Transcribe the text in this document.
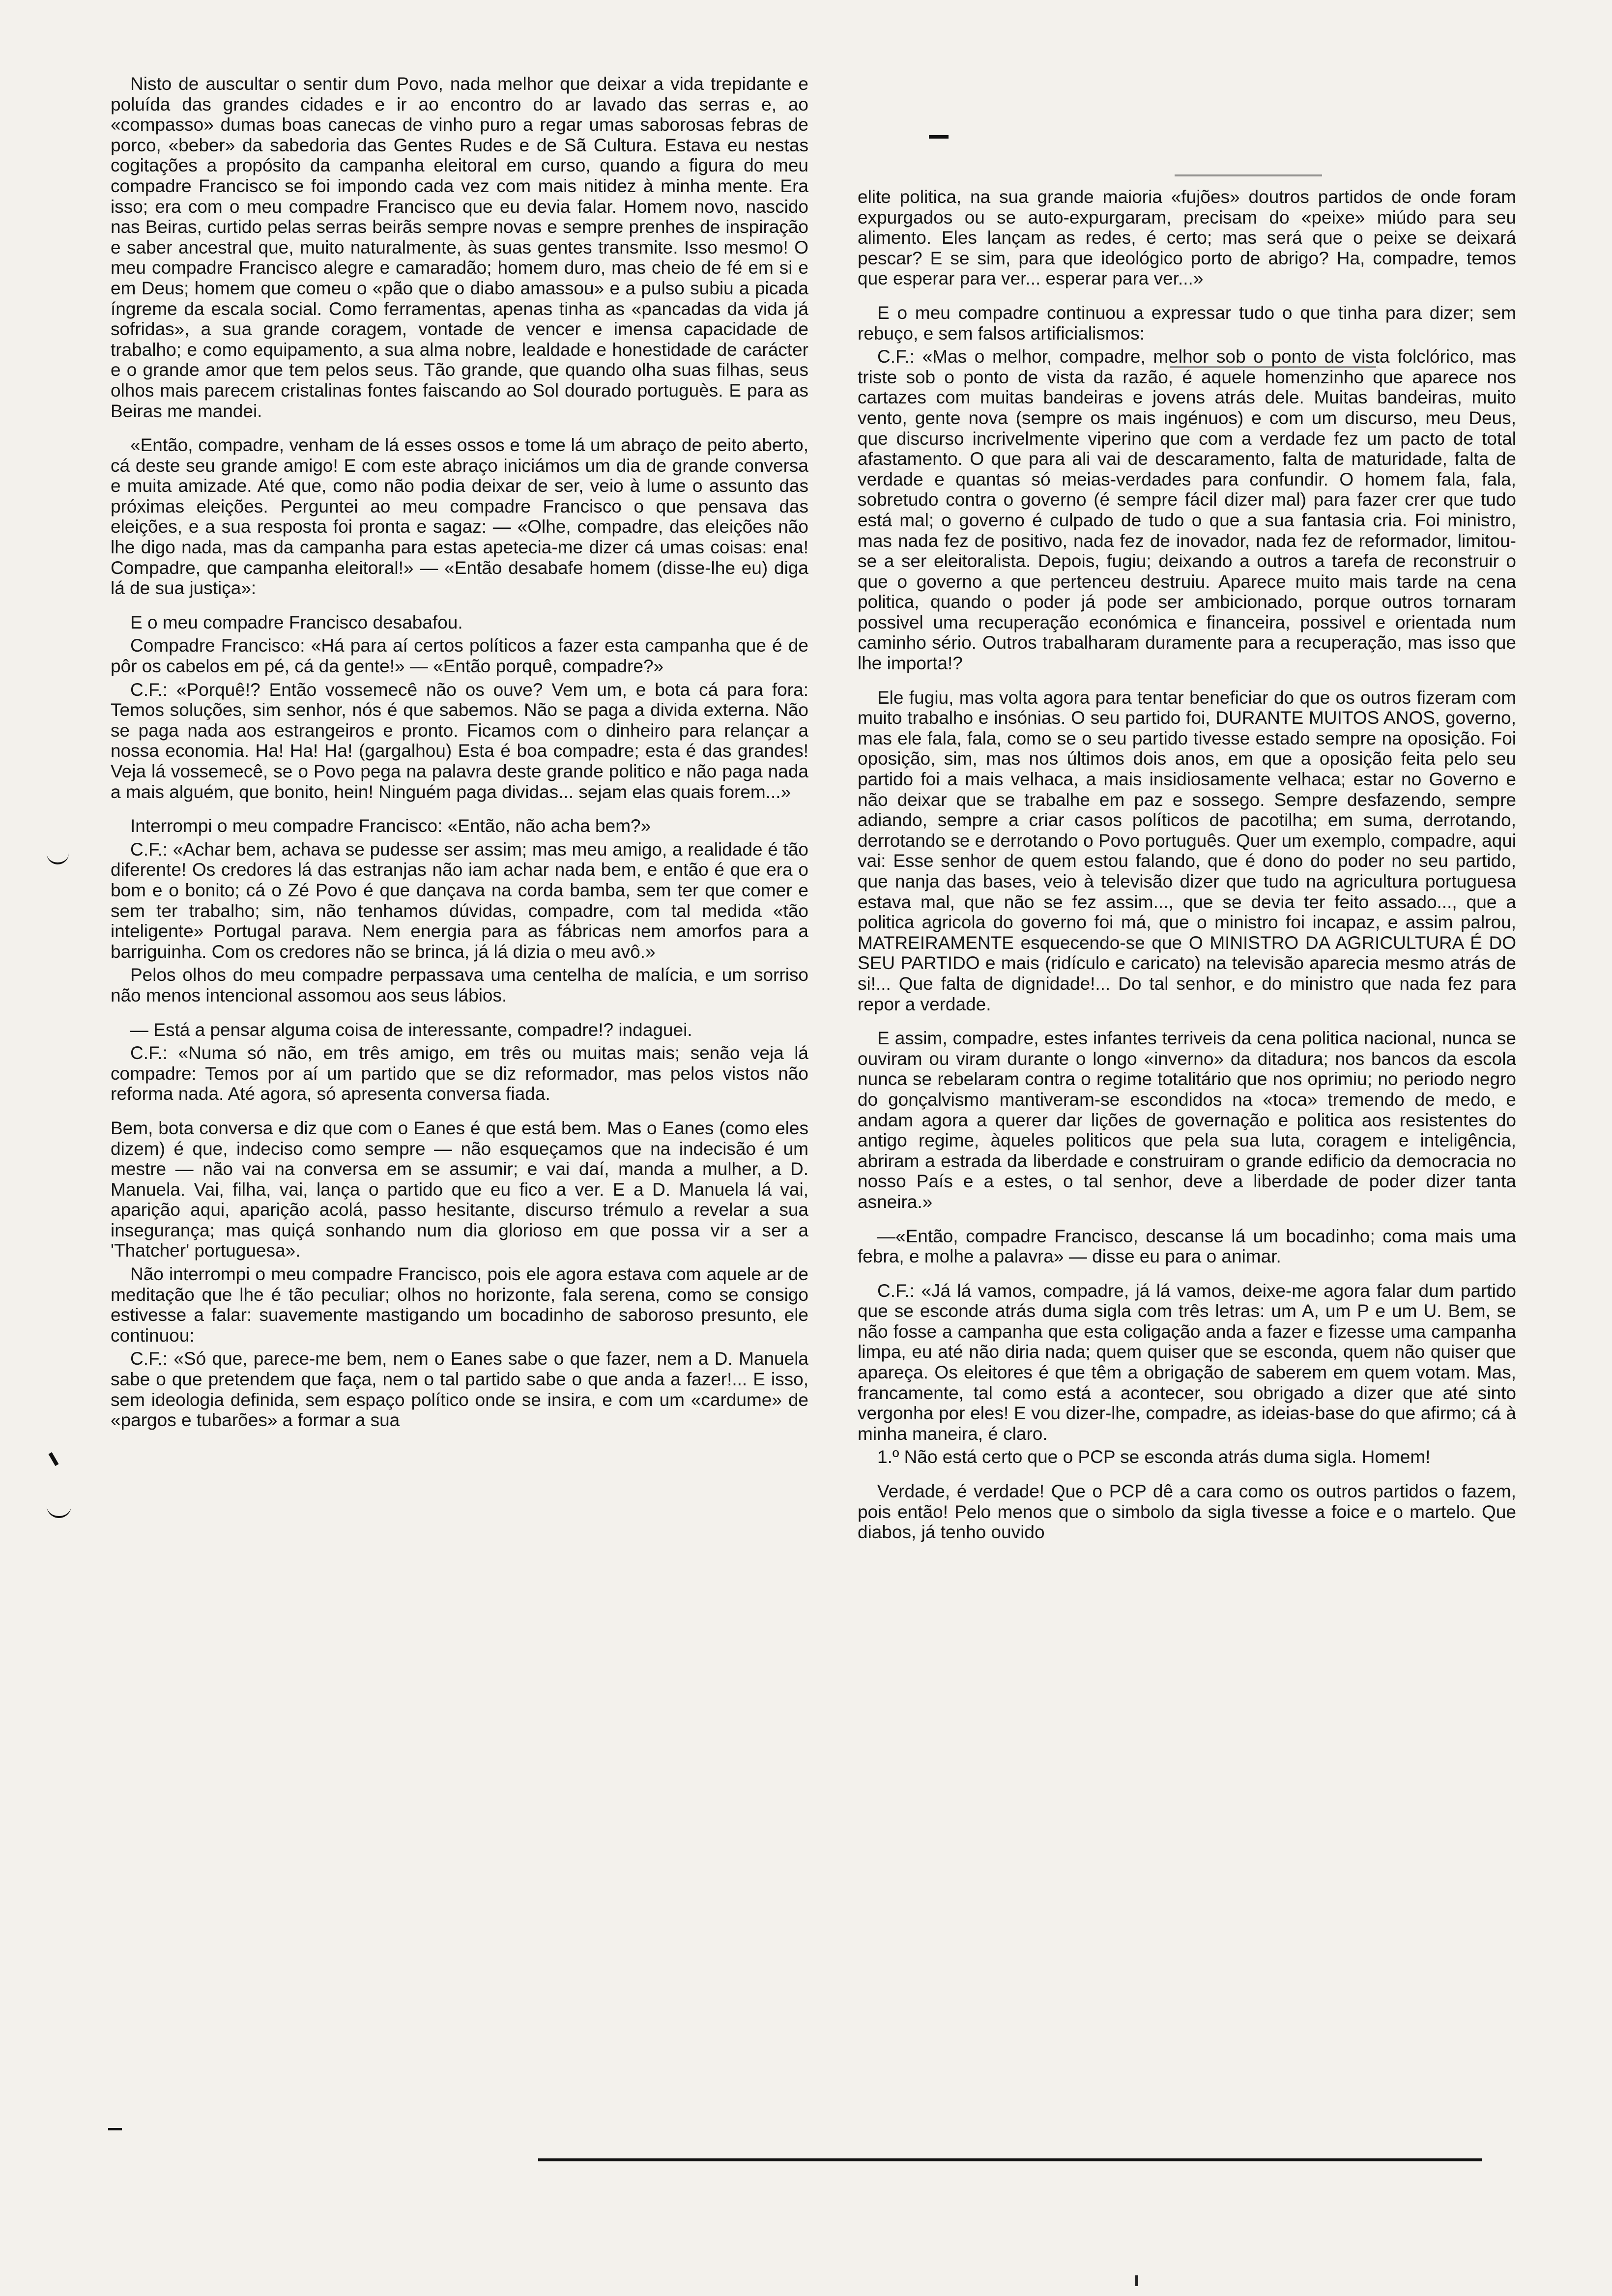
Nisto de auscultar o sentir dum Povo, nada melhor que deixar a vida trepidante e poluída das grandes cidades e ir ao encontro do ar lavado das serras e, ao «compasso» dumas boas canecas de vinho puro a regar umas saborosas febras de porco, «beber» da sabedoria das Gentes Rudes e de Sã Cultura. Estava eu nestas cogitações a propósito da campanha eleitoral em curso, quando a figura do meu compadre Francisco se foi impondo cada vez com mais nitidez à minha mente. Era isso; era com o meu compadre Francisco que eu devia falar. Homem novo, nascido nas Beiras, curtido pelas serras beirãs sempre novas e sempre prenhes de inspiração e saber ancestral que, muito naturalmente, às suas gentes transmite. Isso mesmo! O meu compadre Francisco alegre e camaradão; homem duro, mas cheio de fé em si e em Deus; homem que comeu o «pão que o diabo amassou» e a pulso subiu a picada íngreme da escala social. Como ferramentas, apenas tinha as «pancadas da vida já sofridas», a sua grande coragem, vontade de vencer e imensa capacidade de trabalho; e como equipamento, a sua alma nobre, lealdade e honestidade de carácter e o grande amor que tem pelos seus. Tão grande, que quando olha suas filhas, seus olhos mais parecem cristalinas fontes faiscando ao Sol dourado portuguès. E para as Beiras me mandei.

«Então, compadre, venham de lá esses ossos e tome lá um abraço de peito aberto, cá deste seu grande amigo! E com este abraço iniciámos um dia de grande conversa e muita amizade. Até que, como não podia deixar de ser, veio à lume o assunto das próximas eleições. Perguntei ao meu compadre Francisco o que pensava das eleições, e a sua resposta foi pronta e sagaz: — «Olhe, compadre, das eleições não lhe digo nada, mas da campanha para estas apetecia-me dizer cá umas coisas: ena! Compadre, que campanha eleitoral!» — «Então desabafe homem (disse-lhe eu) diga lá de sua justiça»:

E o meu compadre Francisco desabafou.

Compadre Francisco: «Há para aí certos políticos a fazer esta campanha que é de pôr os cabelos em pé, cá da gente!» — «Então porquê, compadre?»

C.F.: «Porquê!? Então vossemecê não os ouve? Vem um, e bota cá para fora: Temos soluções, sim senhor, nós é que sabemos. Não se paga a divida externa. Não se paga nada aos estrangeiros e pronto. Ficamos com o dinheiro para relançar a nossa economia. Ha! Ha! Ha! (gargalhou) Esta é boa compadre; esta é das grandes! Veja lá vossemecê, se o Povo pega na palavra deste grande politico e não paga nada a mais alguém, que bonito, hein! Ninguém paga dividas... sejam elas quais forem...»

Interrompi o meu compadre Francisco: «Então, não acha bem?»

C.F.: «Achar bem, achava se pudesse ser assim; mas meu amigo, a realidade é tão diferente! Os credores lá das estranjas não iam achar nada bem, e então é que era o bom e o bonito; cá o Zé Povo é que dançava na corda bamba, sem ter que comer e sem ter trabalho; sim, não tenhamos dúvidas, compadre, com tal medida «tão inteligente» Portugal parava. Nem energia para as fábricas nem amorfos para a barriguinha. Com os credores não se brinca, já lá dizia o meu avô.»

Pelos olhos do meu compadre perpassava uma centelha de malícia, e um sorriso não menos intencional assomou aos seus lábios.

— Está a pensar alguma coisa de interessante, compadre!? indaguei.

C.F.: «Numa só não, em três amigo, em três ou muitas mais; senão veja lá compadre: Temos por aí um partido que se diz reformador, mas pelos vistos não reforma nada. Até agora, só apresenta conversa fiada.

Bem, bota conversa e diz que com o Eanes é que está bem. Mas o Eanes (como eles dizem) é que, indeciso como sempre — não esqueçamos que na indecisão é um mestre — não vai na conversa em se assumir; e vai daí, manda a mulher, a D. Manuela. Vai, filha, vai, lança o partido que eu fico a ver. E a D. Manuela lá vai, aparição aqui, aparição acolá, passo hesitante, discurso trémulo a revelar a sua insegurança; mas quiçá sonhando num dia glorioso em que possa vir a ser a 'Thatcher' portuguesa».

Não interrompi o meu compadre Francisco, pois ele agora estava com aquele ar de meditação que lhe é tão peculiar; olhos no horizonte, fala serena, como se consigo estivesse a falar: suavemente mastigando um bocadinho de saboroso presunto, ele continuou:

C.F.: «Só que, parece-me bem, nem o Eanes sabe o que fazer, nem a D. Manuela sabe o que pretendem que faça, nem o tal partido sabe o que anda a fazer!... E isso, sem ideologia definida, sem espaço político onde se insira, e com um «cardume» de «pargos e tubarões» a formar a sua

elite politica, na sua grande maioria «fujões» doutros partidos de onde foram expurgados ou se auto-expurgaram, precisam do «peixe» miúdo para seu alimento. Eles lançam as redes, é certo; mas será que o peixe se deixará pescar? E se sim, para que ideológico porto de abrigo? Ha, compadre, temos que esperar para ver... esperar para ver...»

E o meu compadre continuou a expressar tudo o que tinha para dizer; sem rebuço, e sem falsos artificialismos:

C.F.: «Mas o melhor, compadre, melhor sob o ponto de vista folclórico, mas triste sob o ponto de vista da razão, é aquele homenzinho que aparece nos cartazes com muitas bandeiras e jovens atrás dele. Muitas bandeiras, muito vento, gente nova (sempre os mais ingénuos) e com um discurso, meu Deus, que discurso incrivelmente viperino que com a verdade fez um pacto de total afastamento. O que para ali vai de descaramento, falta de maturidade, falta de verdade e quantas só meias-verdades para confundir. O homem fala, fala, sobretudo contra o governo (é sempre fácil dizer mal) para fazer crer que tudo está mal; o governo é culpado de tudo o que a sua fantasia cria. Foi ministro, mas nada fez de positivo, nada fez de inovador, nada fez de reformador, limitou-se a ser eleitoralista. Depois, fugiu; deixando a outros a tarefa de reconstruir o que o governo a que pertenceu destruiu. Aparece muito mais tarde na cena politica, quando o poder já pode ser ambicionado, porque outros tornaram possivel uma recuperação económica e financeira, possivel e orientada num caminho sério. Outros trabalharam duramente para a recuperação, mas isso que lhe importa!?

Ele fugiu, mas volta agora para tentar beneficiar do que os outros fizeram com muito trabalho e insónias. O seu partido foi, DURANTE MUITOS ANOS, governo, mas ele fala, fala, como se o seu partido tivesse estado sempre na oposição. Foi oposição, sim, mas nos últimos dois anos, em que a oposição feita pelo seu partido foi a mais velhaca, a mais insidiosamente velhaca; estar no Governo e não deixar que se trabalhe em paz e sossego. Sempre desfazendo, sempre adiando, sempre a criar casos políticos de pacotilha; em suma, derrotando, derrotando se e derrotando o Povo português. Quer um exemplo, compadre, aqui vai: Esse senhor de quem estou falando, que é dono do poder no seu partido, que nanja das bases, veio à televisão dizer que tudo na agricultura portuguesa estava mal, que não se fez assim..., que se devia ter feito assado..., que a politica agricola do governo foi má, que o ministro foi incapaz, e assim palrou, MATREIRAMENTE esquecendo-se que O MINISTRO DA AGRICULTURA É DO SEU PARTIDO e mais (ridículo e caricato) na televisão aparecia mesmo atrás de si!... Que falta de dignidade!... Do tal senhor, e do ministro que nada fez para repor a verdade.

E assim, compadre, estes infantes terriveis da cena politica nacional, nunca se ouviram ou viram durante o longo «inverno» da ditadura; nos bancos da escola nunca se rebelaram contra o regime totalitário que nos oprimiu; no periodo negro do gonçalvismo mantiveram-se escondidos na «toca» tremendo de medo, e andam agora a querer dar lições de governação e politica aos resistentes do antigo regime, àqueles politicos que pela sua luta, coragem e inteligência, abriram a estrada da liberdade e construiram o grande edificio da democracia no nosso País e a estes, o tal senhor, deve a liberdade de poder dizer tanta asneira.»

—«Então, compadre Francisco, descanse lá um bocadinho; coma mais uma febra, e molhe a palavra» — disse eu para o animar.

C.F.: «Já lá vamos, compadre, já lá vamos, deixe-me agora falar dum partido que se esconde atrás duma sigla com três letras: um A, um P e um U. Bem, se não fosse a campanha que esta coligação anda a fazer e fizesse uma campanha limpa, eu até não diria nada; quem quiser que se esconda, quem não quiser que apareça. Os eleitores é que têm a obrigação de saberem em quem votam. Mas, francamente, tal como está a acontecer, sou obrigado a dizer que até sinto vergonha por eles! E vou dizer-lhe, compadre, as ideias-base do que afirmo; cá à minha maneira, é claro.

1.º Não está certo que o PCP se esconda atrás duma sigla. Homem!

Verdade, é verdade! Que o PCP dê a cara como os outros partidos o fazem, pois então! Pelo menos que o simbolo da sigla tivesse a foice e o martelo. Que diabos, já tenho ouvido
